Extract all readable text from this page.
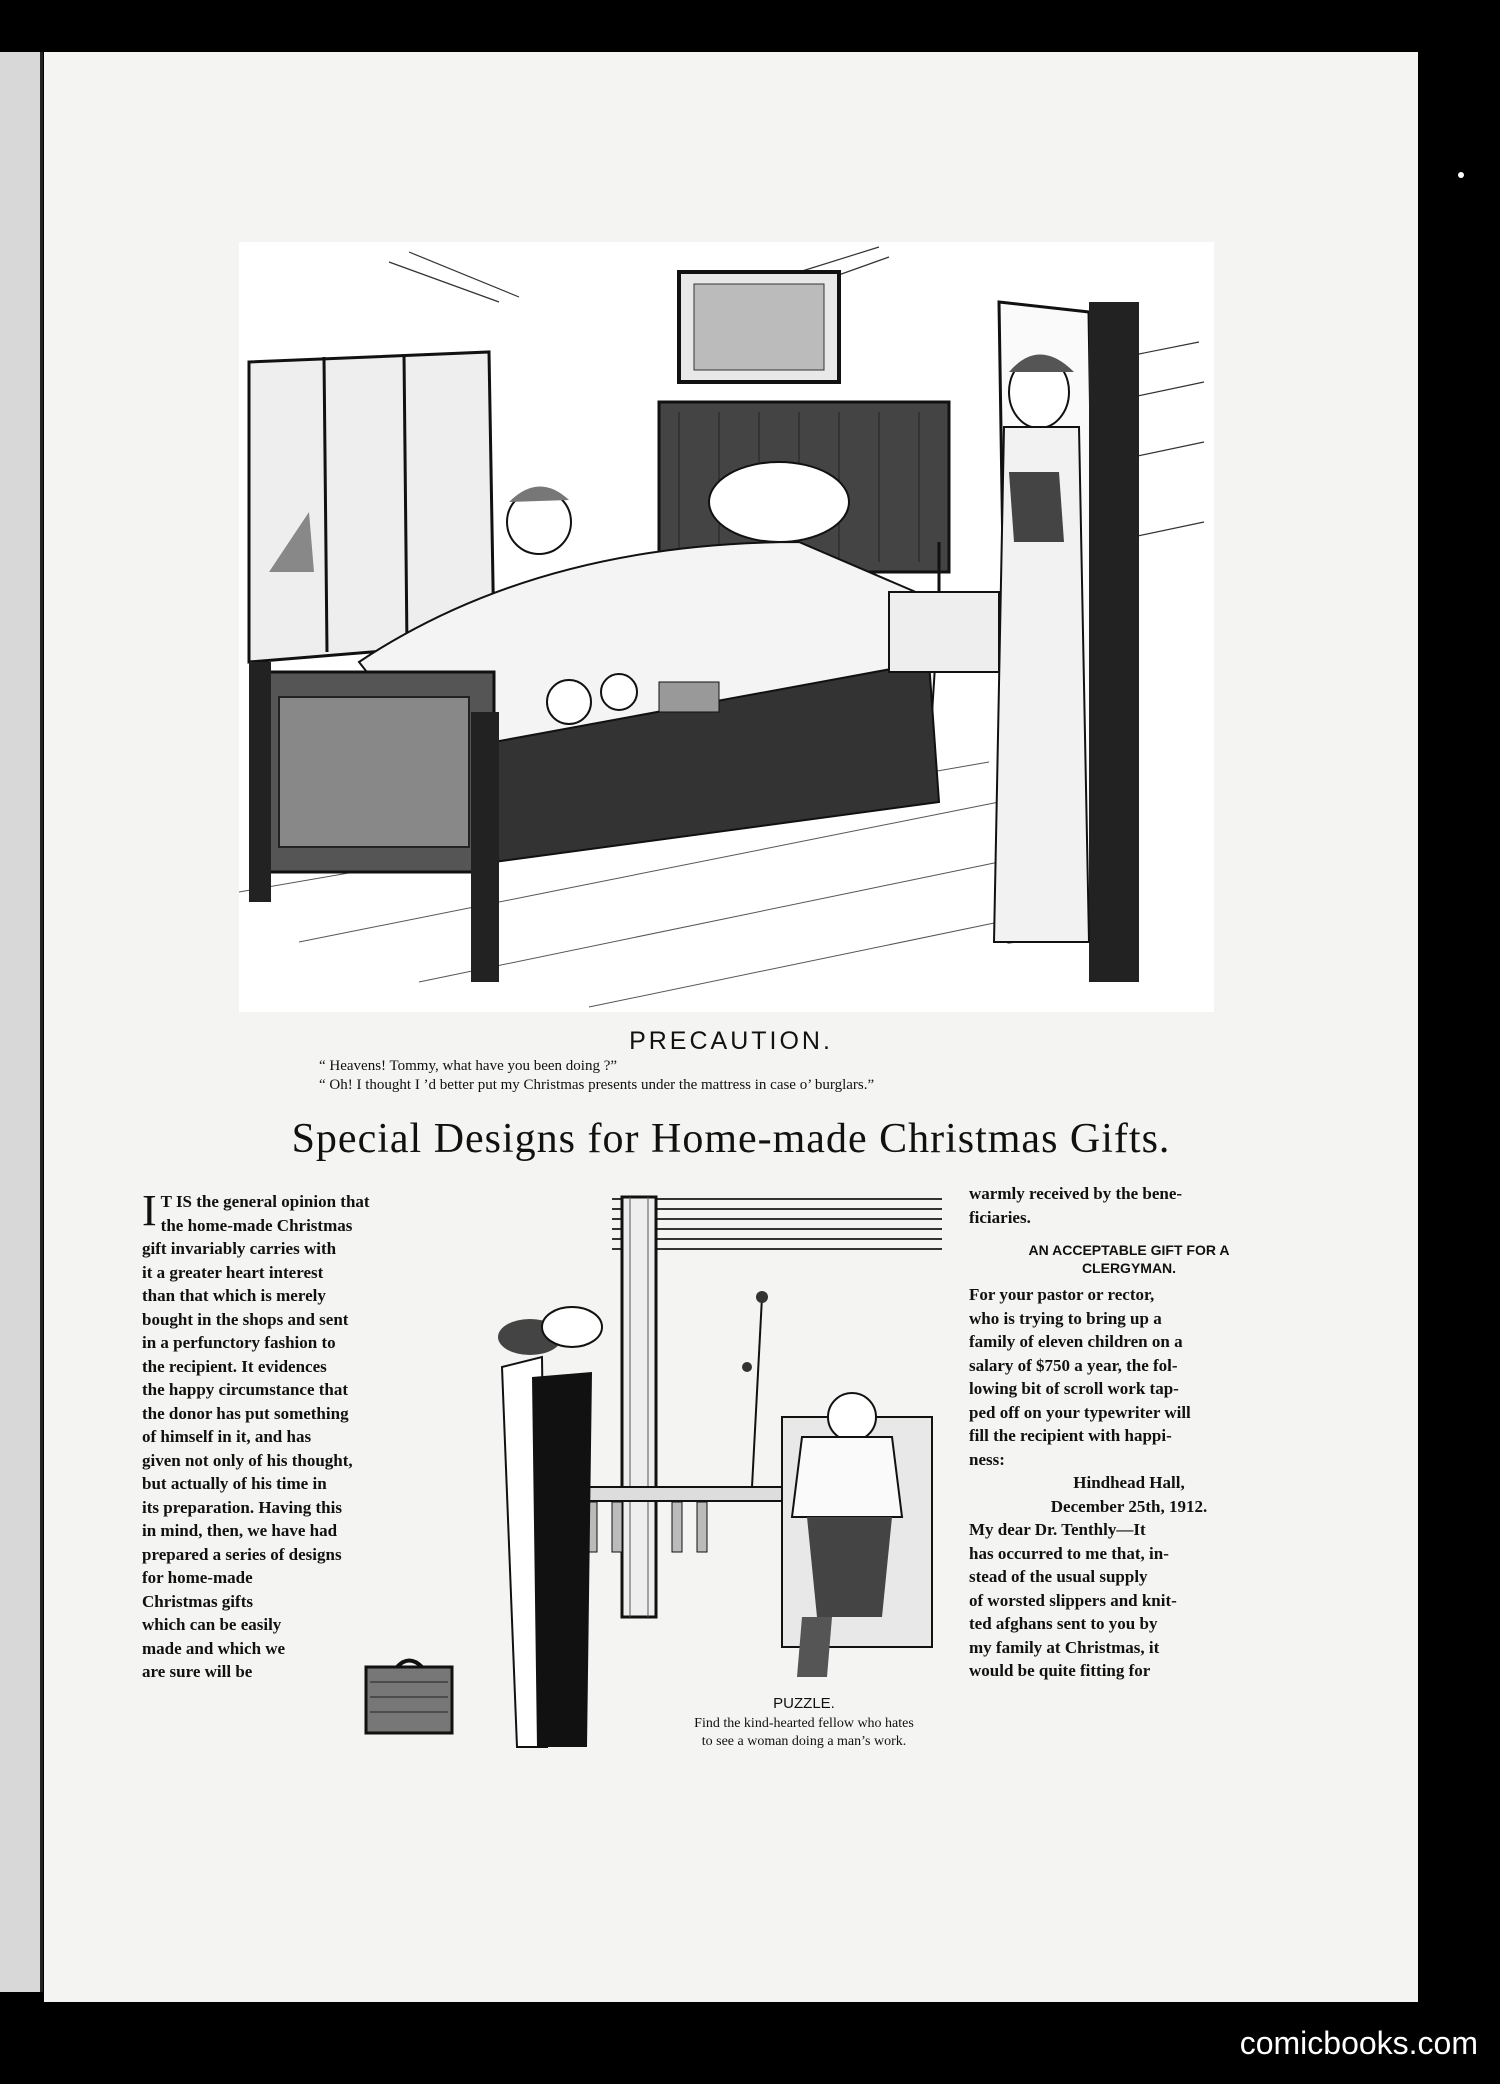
PRECAUTION.
“ Heavens! Tommy, what have you been doing ?”
“ Oh! I thought I ’d better put my Christmas presents under the mattress in case o’ burglars.”
Special Designs for Home-made Christmas Gifts.
I T IS the general opinion that
the home-made Christmas
gift invariably carries with
it a greater heart interest
than that which is merely
bought in the shops and sent
in a perfunctory fashion to
the recipient. It evidences
the happy circumstance that
the donor has put something
of himself in it, and has
given not only of his thought,
but actually of his time in
its preparation. Having this
in mind, then, we have had
prepared a series of designs
for home-made
Christmas gifts
which can be easily
made and which we
are sure will be
PUZZLE.
Find the kind-hearted fellow who hates
to see a woman doing a man’s work.
warmly received by the bene-
ficiaries.
AN ACCEPTABLE GIFT FOR A
CLERGYMAN.
For your pastor or rector,
who is trying to bring up a
family of eleven children on a
salary of $750 a year, the fol-
lowing bit of scroll work tap-
ped off on your typewriter will
fill the recipient with happi-
ness:
Hindhead Hall,
December 25th, 1912.
My dear Dr. Tenthly—It
has occurred to me that, in-
stead of the usual supply
of worsted slippers and knit-
ted afghans sent to you by
my family at Christmas, it
would be quite fitting for
comicbooks.com
